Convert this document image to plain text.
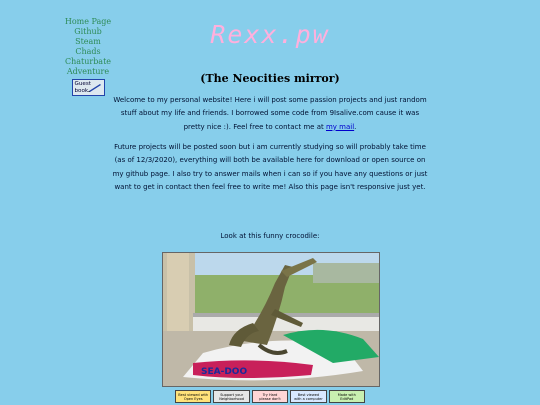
Home Page
Github
Steam
Chads
Chaturbate
Adventure
Guest
book
Rexx.pw
(The Neocities mirror)
Welcome to my personal website! Here i will post some passion projects and just random stuff about my life and friends. I borrowed some code from 9Isalive.com cause it was pretty nice :). Feel free to contact me at my mail.
Future projects will be posted soon but i am currently studying so will probably take time (as of 12/3/2020), everything will both be available here for download or open source on my github page. I also try to answer mails when i can so if you have any questions or just want to get in contact then feel free to write me! Also this page isn't responsive just yet.
Look at this funny crocodile:
SEA-DOO
Best viewed with
Open Eyes
Support your
Neighborhood
Try Hard
please don't
Best viewed
with a computer
Made with
EditPad
